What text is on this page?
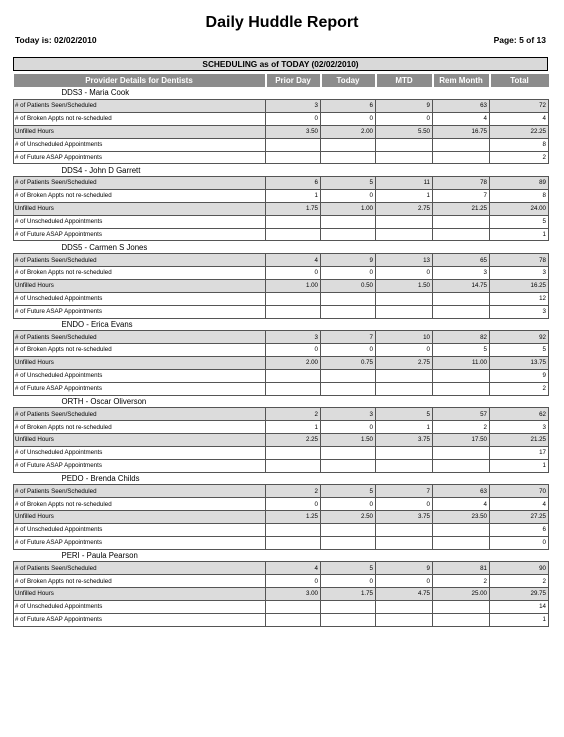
Daily Huddle Report
Today is: 02/02/2010	Page: 5 of 13
SCHEDULING as of TODAY (02/02/2010)
Provider Details for Dentists	Prior Day	Today	MTD	Rem Month	Total
DDS3 - Maria Cook					
# of Patients Seen/Scheduled	3	6	9	63	72
# of Broken Appts not re-scheduled	0	0	0	4	4
Unfilled Hours	3.50	2.00	5.50	16.75	22.25
# of Unscheduled Appointments					8
# of Future ASAP Appointments					2
DDS4 - John D Garrett					
# of Patients Seen/Scheduled	6	5	11	78	89
# of Broken Appts not re-scheduled	1	0	1	7	8
Unfilled Hours	1.75	1.00	2.75	21.25	24.00
# of Unscheduled Appointments					5
# of Future ASAP Appointments					1
DDS5 - Carmen S Jones					
# of Patients Seen/Scheduled	4	9	13	65	78
# of Broken Appts not re-scheduled	0	0	0	3	3
Unfilled Hours	1.00	0.50	1.50	14.75	16.25
# of Unscheduled Appointments					12
# of Future ASAP Appointments					3
ENDO - Erica Evans					
# of Patients Seen/Scheduled	3	7	10	82	92
# of Broken Appts not re-scheduled	0	0	0	5	5
Unfilled Hours	2.00	0.75	2.75	11.00	13.75
# of Unscheduled Appointments					9
# of Future ASAP Appointments					2
ORTH - Oscar Oliverson					
# of Patients Seen/Scheduled	2	3	5	57	62
# of Broken Appts not re-scheduled	1	0	1	2	3
Unfilled Hours	2.25	1.50	3.75	17.50	21.25
# of Unscheduled Appointments					17
# of Future ASAP Appointments					1
PEDO - Brenda Childs					
# of Patients Seen/Scheduled	2	5	7	63	70
# of Broken Appts not re-scheduled	0	0	0	4	4
Unfilled Hours	1.25	2.50	3.75	23.50	27.25
# of Unscheduled Appointments					6
# of Future ASAP Appointments					0
PERI - Paula Pearson					
# of Patients Seen/Scheduled	4	5	9	81	90
# of Broken Appts not re-scheduled	0	0	0	2	2
Unfilled Hours	3.00	1.75	4.75	25.00	29.75
# of Unscheduled Appointments					14
# of Future ASAP Appointments					1
